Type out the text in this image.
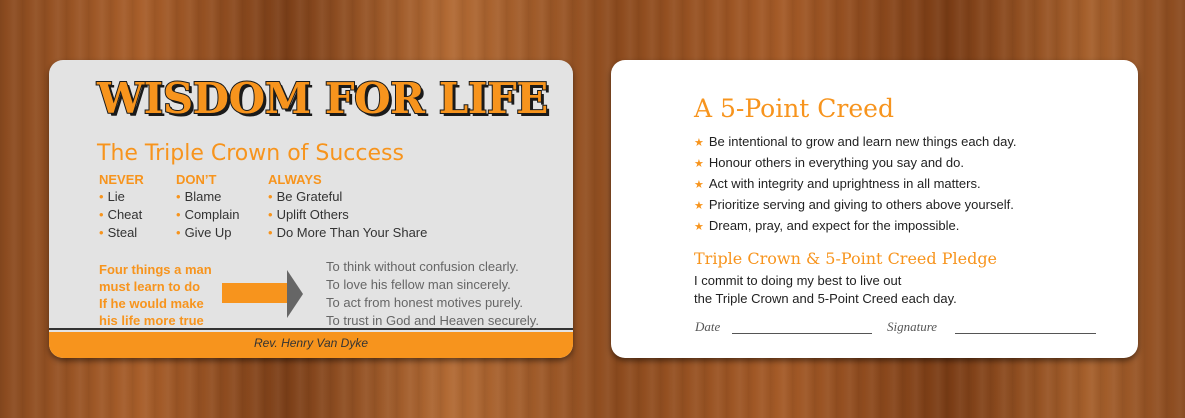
WISDOM FOR LIFE
The Triple Crown of Success
NEVER
• Lie
• Cheat
• Steal
DON’T
• Blame
• Complain
• Give Up
ALWAYS
• Be Grateful
• Uplift Others
• Do More Than Your Share
Four things a man
must learn to do
If he would make
his life more true
To think without confusion clearly.
To love his fellow man sincerely.
To act from honest motives purely.
To trust in God and Heaven securely.
Rev. Henry Van Dyke
A 5-Point Creed
★ Be intentional to grow and learn new things each day.
★ Honour others in everything you say and do.
★ Act with integrity and uprightness in all matters.
★ Prioritize serving and giving to others above yourself.
★ Dream, pray, and expect for the impossible.
Triple Crown & 5-Point Creed Pledge
I commit to doing my best to live out
the Triple Crown and 5-Point Creed each day.
Date	Signature
